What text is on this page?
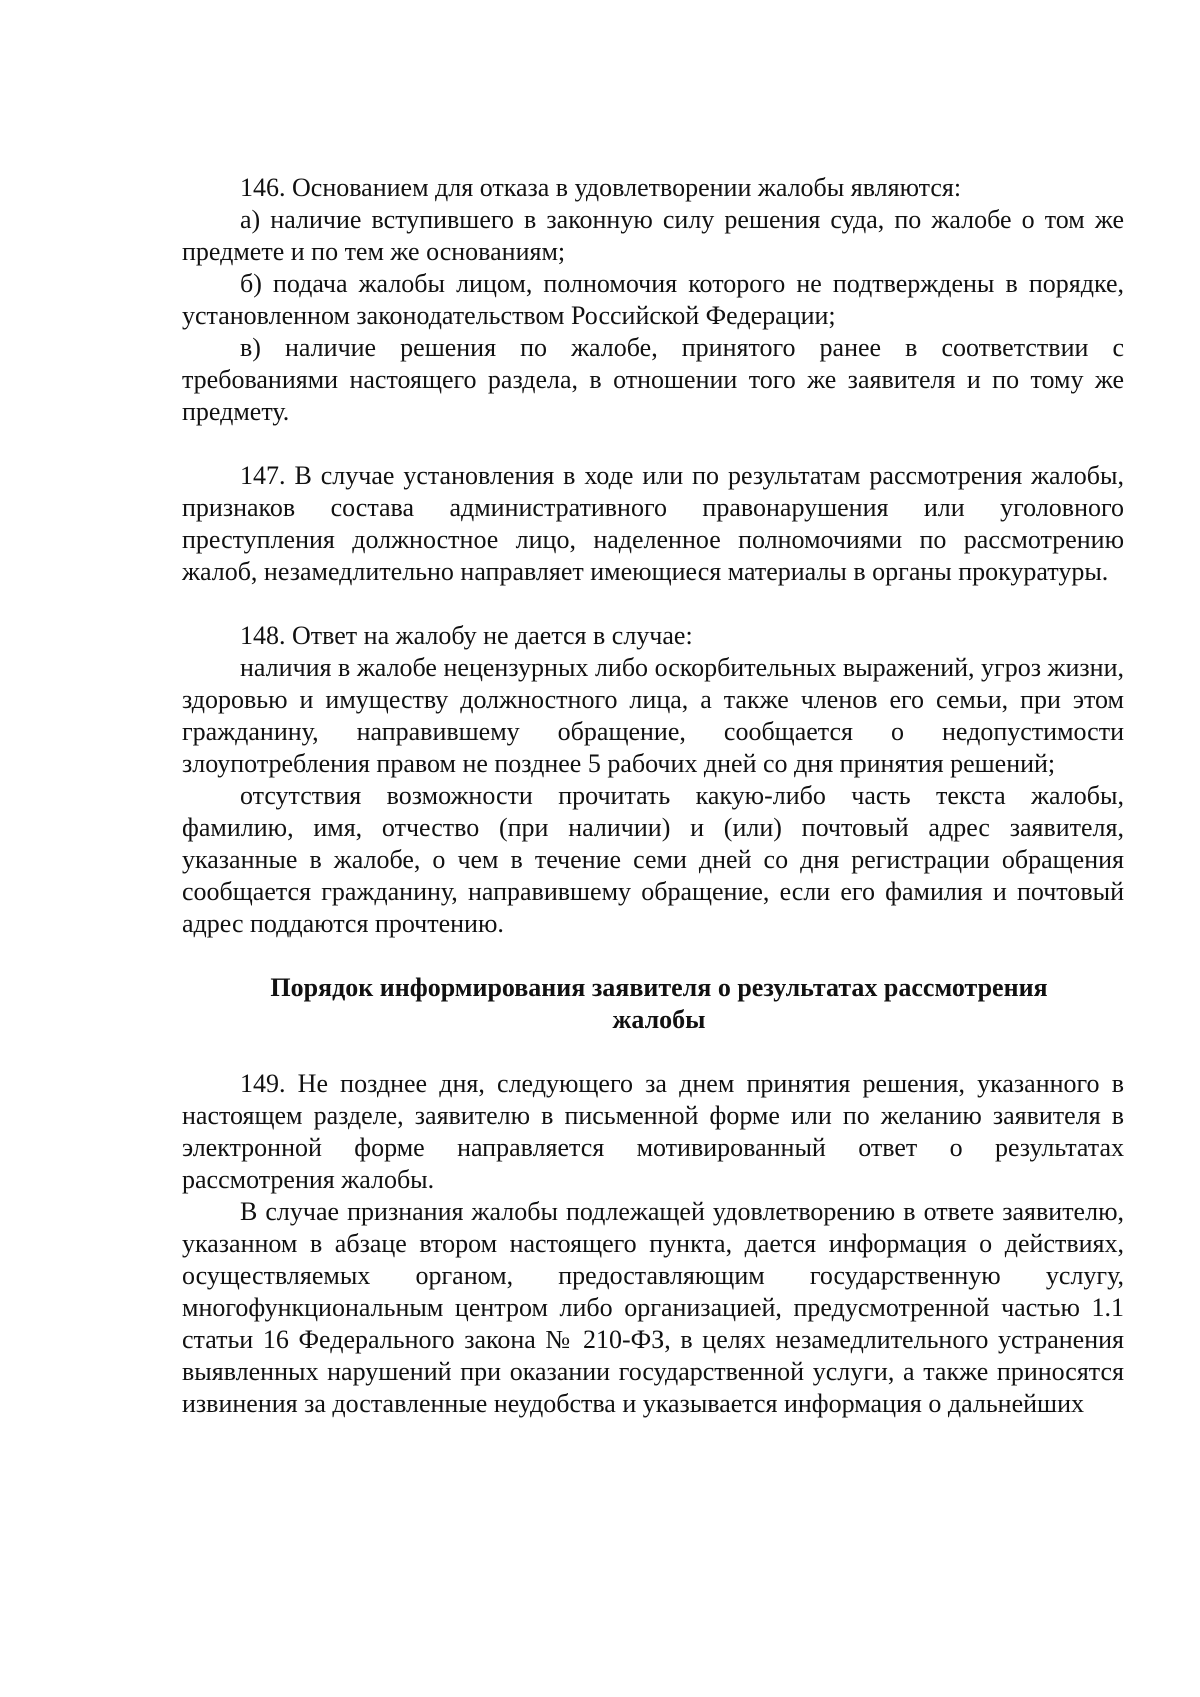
146. Основанием для отказа в удовлетворении жалобы являются:

а) наличие вступившего в законную силу решения суда, по жалобе о том же предмете и по тем же основаниям;

б) подача жалобы лицом, полномочия которого не подтверждены в порядке, установленном законодательством Российской Федерации;

в) наличие решения по жалобе, принятого ранее в соответствии с требованиями настоящего раздела, в отношении того же заявителя и по тому же предмету.

147. В случае установления в ходе или по результатам рассмотрения жалобы, признаков состава административного правонарушения или уголовного преступления должностное лицо, наделенное полномочиями по рассмотрению жалоб, незамедлительно направляет имеющиеся материалы в органы прокуратуры.

148. Ответ на жалобу не дается в случае:

наличия в жалобе нецензурных либо оскорбительных выражений, угроз жизни, здоровью и имуществу должностного лица, а также членов его семьи, при этом гражданину, направившему обращение, сообщается о недопустимости злоупотребления правом не позднее 5 рабочих дней со дня принятия решений;

отсутствия возможности прочитать какую-либо часть текста жалобы, фамилию, имя, отчество (при наличии) и (или) почтовый адрес заявителя, указанные в жалобе, о чем в течение семи дней со дня регистрации обращения сообщается гражданину, направившему обращение, если его фамилия и почтовый адрес поддаются прочтению.

Порядок информирования заявителя о результатах рассмотрения жалобы

149. Не позднее дня, следующего за днем принятия решения, указанного в настоящем разделе, заявителю в письменной форме или по желанию заявителя в электронной форме направляется мотивированный ответ о результатах рассмотрения жалобы.

В случае признания жалобы подлежащей удовлетворению в ответе заявителю, указанном в абзаце втором настоящего пункта, дается информация о действиях, осуществляемых органом, предоставляющим государственную услугу, многофункциональным центром либо организацией, предусмотренной частью 1.1 статьи 16 Федерального закона № 210-ФЗ, в целях незамедлительного устранения выявленных нарушений при оказании государственной услуги, а также приносятся извинения за доставленные неудобства и указывается информация о дальнейших
